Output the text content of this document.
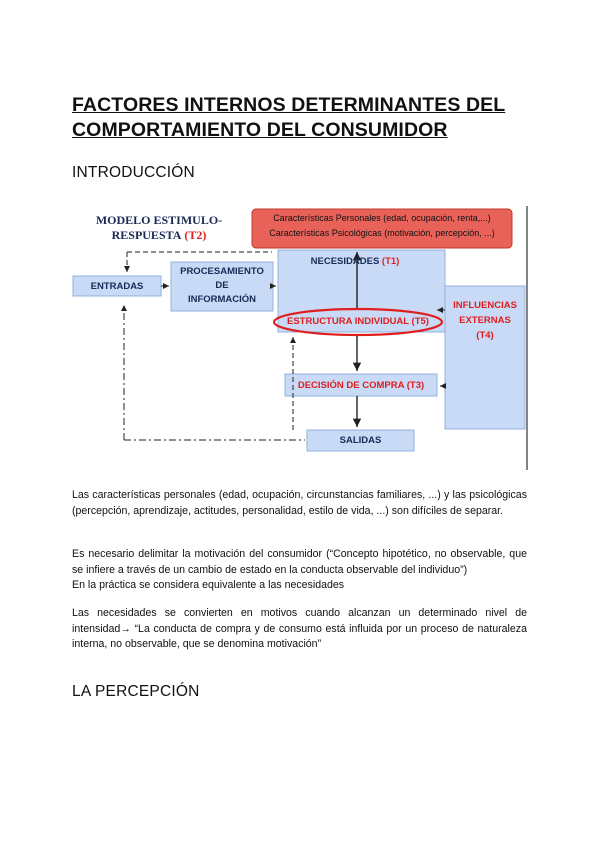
FACTORES INTERNOS DETERMINANTES DEL COMPORTAMIENTO DEL CONSUMIDOR
INTRODUCCIÓN
MODELO ESTIMULO-
RESPUESTA
(T2)
Características Personales (edad, ocupación, renta,...)
Características Psicológicas (motivación, percepción, ...)
ENTRADAS
PROCESAMIENTO
DE
INFORMACIÓN
NECESIDADES
(T1)
ESTRUCTURA INDIVIDUAL (T5)
INFLUENCIAS
EXTERNAS
(T4)
DECISIÓN DE COMPRA (T3)
SALIDAS
Las características personales (edad, ocupación, circunstancias familiares, ...) y las psicológicas (percepción, aprendizaje, actitudes, personalidad, estilo de vida, ...) son difíciles de separar.
Es necesario delimitar la motivación del consumidor (“Concepto hipotético, no observable, que se infiere a través de un cambio de estado en la conducta observable del individuo”)
En la práctica se considera equivalente a las necesidades
Las necesidades se convierten en motivos cuando alcanzan un determinado nivel de intensidad→ “La conducta de compra y de consumo está influida por un proceso de naturaleza interna, no observable, que se denomina motivación”
LA PERCEPCIÓN
